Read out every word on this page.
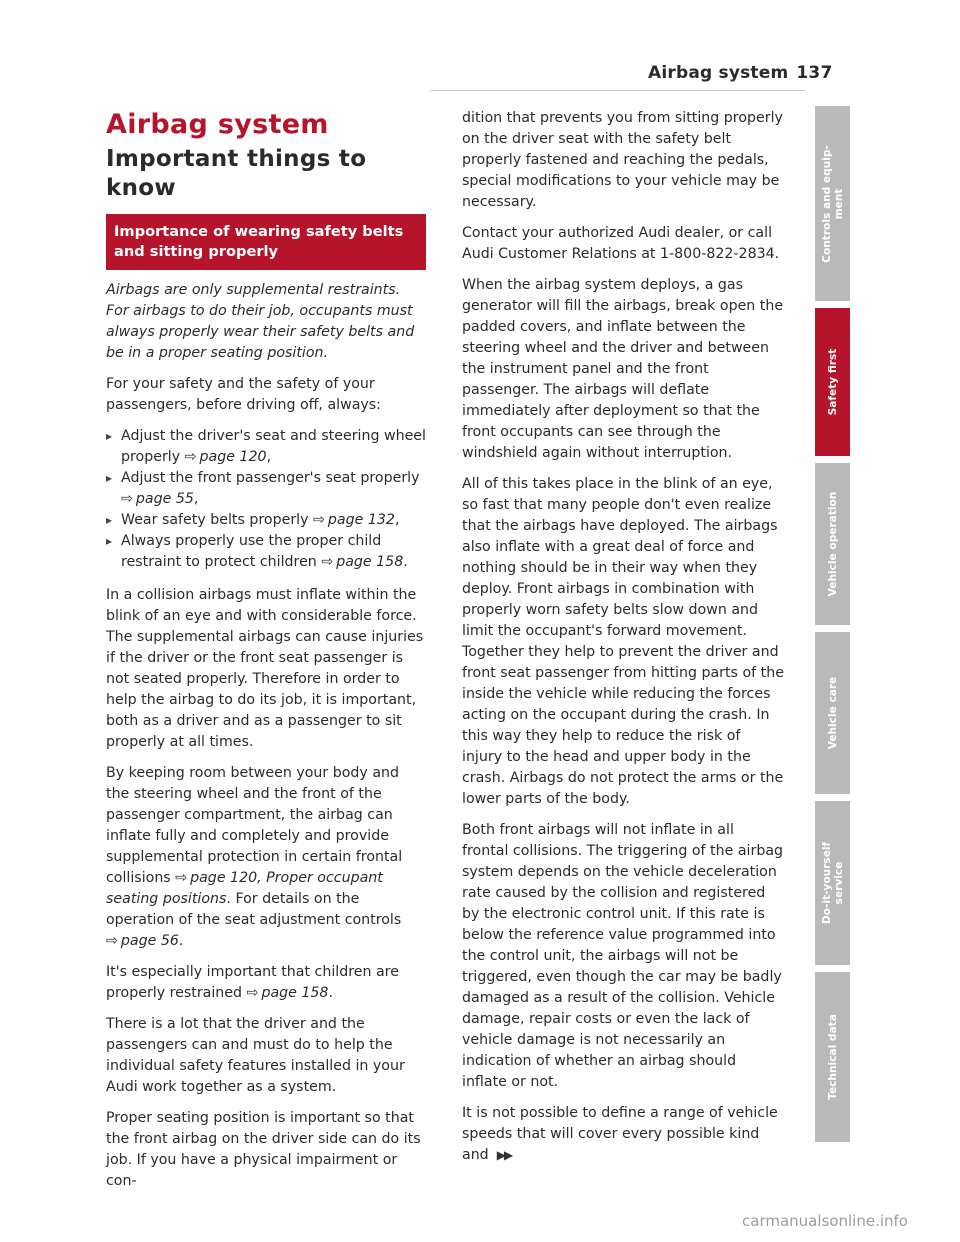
Airbag system 137
Airbag system
Important things to know
Importance of wearing safety belts and sitting properly

Airbags are only supplemental restraints. For airbags to do their job, occupants must always properly wear their safety belts and be in a proper seating position.

For your safety and the safety of your passengers, before driving off, always:

▸ Adjust the driver's seat and steering wheel properly ⇨ page 120,
▸ Adjust the front passenger's seat properly ⇨ page 55,
▸ Wear safety belts properly ⇨ page 132,
▸ Always properly use the proper child restraint to protect children ⇨ page 158.

In a collision airbags must inflate within the blink of an eye and with considerable force. The supplemental airbags can cause injuries if the driver or the front seat passenger is not seated properly. Therefore in order to help the airbag to do its job, it is important, both as a driver and as a passenger to sit properly at all times.

By keeping room between your body and the steering wheel and the front of the passenger compartment, the airbag can inflate fully and completely and provide supplemental protection in certain frontal collisions ⇨ page 120, Proper occupant seating positions. For details on the operation of the seat adjustment controls ⇨ page 56.

It's especially important that children are properly restrained ⇨ page 158.

There is a lot that the driver and the passengers can and must do to help the individual safety features installed in your Audi work together as a system.

Proper seating position is important so that the front airbag on the driver side can do its job. If you have a physical impairment or con-

dition that prevents you from sitting properly on the driver seat with the safety belt properly fastened and reaching the pedals, special modifications to your vehicle may be necessary.

Contact your authorized Audi dealer, or call Audi Customer Relations at 1-800-822-2834.

When the airbag system deploys, a gas generator will fill the airbags, break open the padded covers, and inflate between the steering wheel and the driver and between the instrument panel and the front passenger. The airbags will deflate immediately after deployment so that the front occupants can see through the windshield again without interruption.

All of this takes place in the blink of an eye, so fast that many people don't even realize that the airbags have deployed. The airbags also inflate with a great deal of force and nothing should be in their way when they deploy. Front airbags in combination with properly worn safety belts slow down and limit the occupant's forward movement. Together they help to prevent the driver and front seat passenger from hitting parts of the inside the vehicle while reducing the forces acting on the occupant during the crash. In this way they help to reduce the risk of injury to the head and upper body in the crash. Airbags do not protect the arms or the lower parts of the body.

Both front airbags will not inflate in all frontal collisions. The triggering of the airbag system depends on the vehicle deceleration rate caused by the collision and registered by the electronic control unit. If this rate is below the reference value programmed into the control unit, the airbags will not be triggered, even though the car may be badly damaged as a result of the collision. Vehicle damage, repair costs or even the lack of vehicle damage is not necessarily an indication of whether an airbag should inflate or not.

It is not possible to define a range of vehicle speeds that will cover every possible kind and ▶▶

Controls and equip-
ment
Safety first
Vehicle operation
Vehicle care
Do-it-yourself
service
Technical data
carmanualsonline.info
